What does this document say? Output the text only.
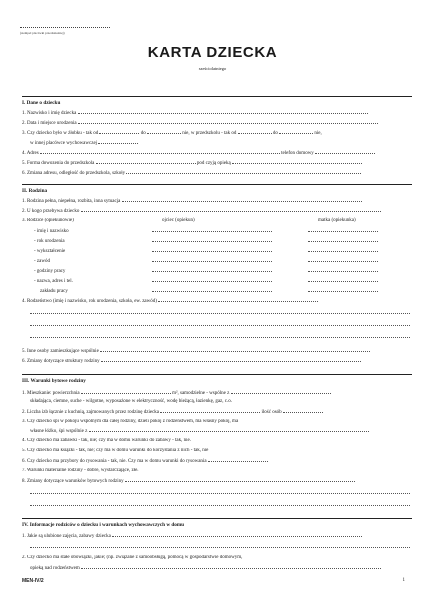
(stempel placówki przedszkolnej)
KARTA DZIECKA
sześciolatniego
I. Dane o dziecku
1. Nazwisko i imię dziecka
2. Data i miejsce urodzenia
3. Czy dziecko było w żłobku - tak od	do	nie, w przedszkolu - tak od	do	nie,
w innej placówce wychowawczej
4. Adres	telefon domowy
5. Forma dowozenia do przedszkola	pod czyją opieką
6. Zmiana adresu, odległość do przedszkola, szkoły
II. Rodzina
1. Rodzina pełna, niepełna, rozbita, inna sytuacja
2. U kogo przebywa dziecko
3. Rodzice (opiekunowie)	ojciec (opiekun)	matka (opiekunka)
- imię i nazwisko
- rok urodzenia
- wykształcenie
- zawód
- godziny pracy
- nazwa, adres i tel.
zakładu pracy
4. Rodzeństwo (imię i nazwisko, rok urodzenia, szkoła, ew. zawód)
5. Inne osoby zamieszkujące wspólnie
6. Zmiany dotyczące struktury rodziny
III. Warunki bytowe rodziny
1. Mieszkanie: powierzchnia	m², samodzielne - wspólne z
składająca, ciemne, suche - wilgotne, wyposażone w elektryczność, wodę bieżącą, łazienkę, gaz, c.o.
2. Liczba izb łącznie z kuchnią, zajmowanych przez rodzinę dziecka	ilość osób
3. Czy dziecko śpi w pokoju wspólnym dla całej rodziny, dzieli pokój z rodzeństwem, ma własny pokój, ma
własne łóżko, śpi wspólnie z
4. Czy dziecko ma zabawki - tak, nie; czy ma w domu warunki do zabawy - tak, nie.
5. Czy dziecko ma książki - tak, nie; czy ma w domu warunki do korzystania z nich - tak, nie
6. Czy dziecko ma przybory do rysowania - tak, nie. Czy ma w domu warunki do rysowania
7. Warunki materialne rodziny - dobre, wystarczające, złe.
8. Zmiany dotyczące warunków bytowych rodziny
IV. Informacje rodziców o dziecku i warunkach wychowawczych w domu
1. Jakie są ulubione zajęcia, zabawy dziecka
2. Czy dziecko ma stałe obowiązki, jakie; (np. związane z samoobsługą, pomocą w gospodarstwie domowym,
opieką nad rodzeństwem
MEN-IV/2	1
